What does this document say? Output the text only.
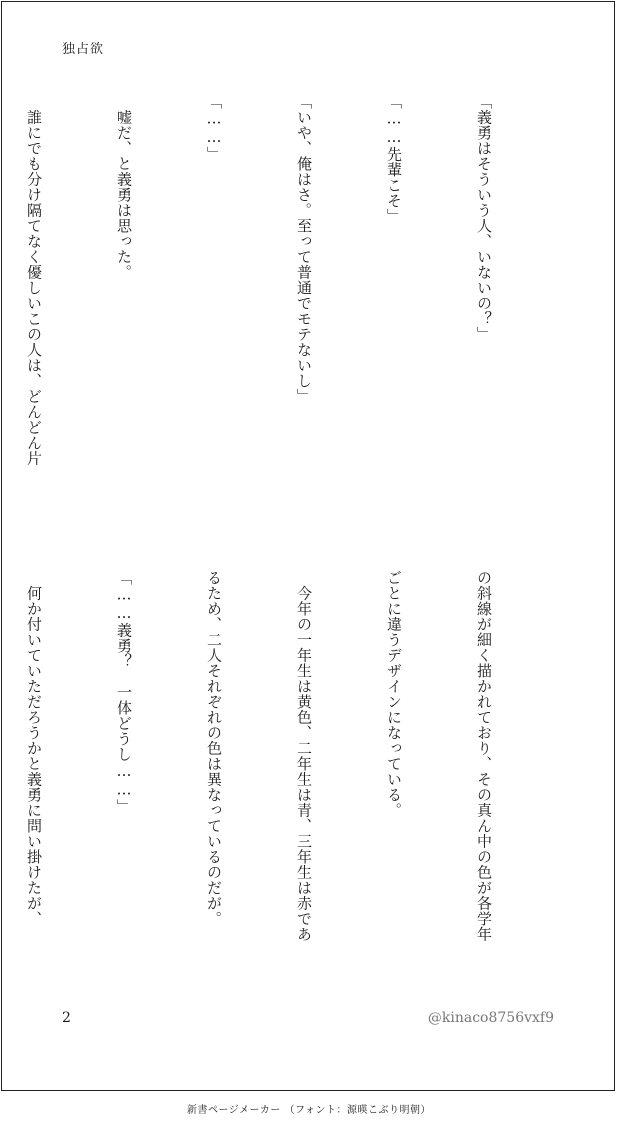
独占欲

「義勇はそういう人、いないの？」

「……先輩こそ」

「いや、俺はさ。至って普通でモテないし」

「……」

　嘘だ、と義勇は思った。

　誰にでも分け隔てなく優しいこの人は、どんどん片

の斜線が細く描かれており、その真ん中の色が各学年

ごとに違うデザインになっている。

　今年の一年生は黄色、二年生は青、三年生は赤であ

るため、二人それぞれの色は異なっているのだが。

「……義勇？　一体どうし……」

　何か付いていただろうかと義勇に問い掛けたが、

2	@kinaco8756vxf9
新書ページメーカー （フォント：源暎こぶり明朝）
